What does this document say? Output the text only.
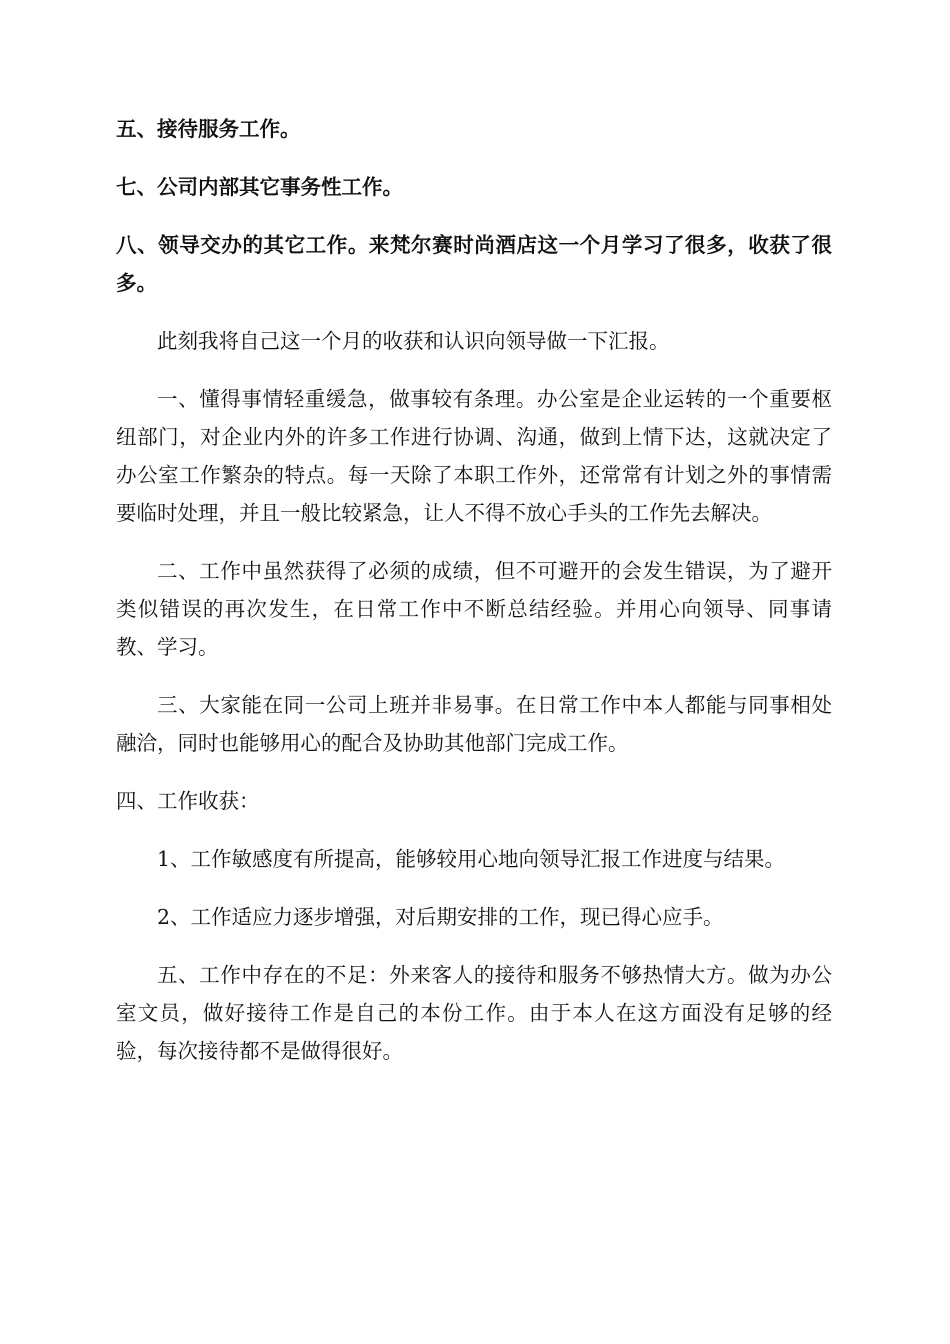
五、接待服务工作。

七、公司内部其它事务性工作。

八、领导交办的其它工作。来梵尔赛时尚酒店这一个月学习了很多，收获了很多。

此刻我将自己这一个月的收获和认识向领导做一下汇报。

一、懂得事情轻重缓急，做事较有条理。办公室是企业运转的一个重要枢纽部门，对企业内外的许多工作进行协调、沟通，做到上情下达，这就决定了办公室工作繁杂的特点。每一天除了本职工作外，还常常有计划之外的事情需要临时处理，并且一般比较紧急，让人不得不放心手头的工作先去解决。

二、工作中虽然获得了必须的成绩，但不可避开的会发生错误，为了避开类似错误的再次发生，在日常工作中不断总结经验。并用心向领导、同事请教、学习。

三、大家能在同一公司上班并非易事。在日常工作中本人都能与同事相处融洽，同时也能够用心的配合及协助其他部门完成工作。

四、工作收获：

1、工作敏感度有所提高，能够较用心地向领导汇报工作进度与结果。

2、工作适应力逐步增强，对后期安排的工作，现已得心应手。

五、工作中存在的不足：外来客人的接待和服务不够热情大方。做为办公室文员，做好接待工作是自己的本份工作。由于本人在这方面没有足够的经验，每次接待都不是做得很好。
